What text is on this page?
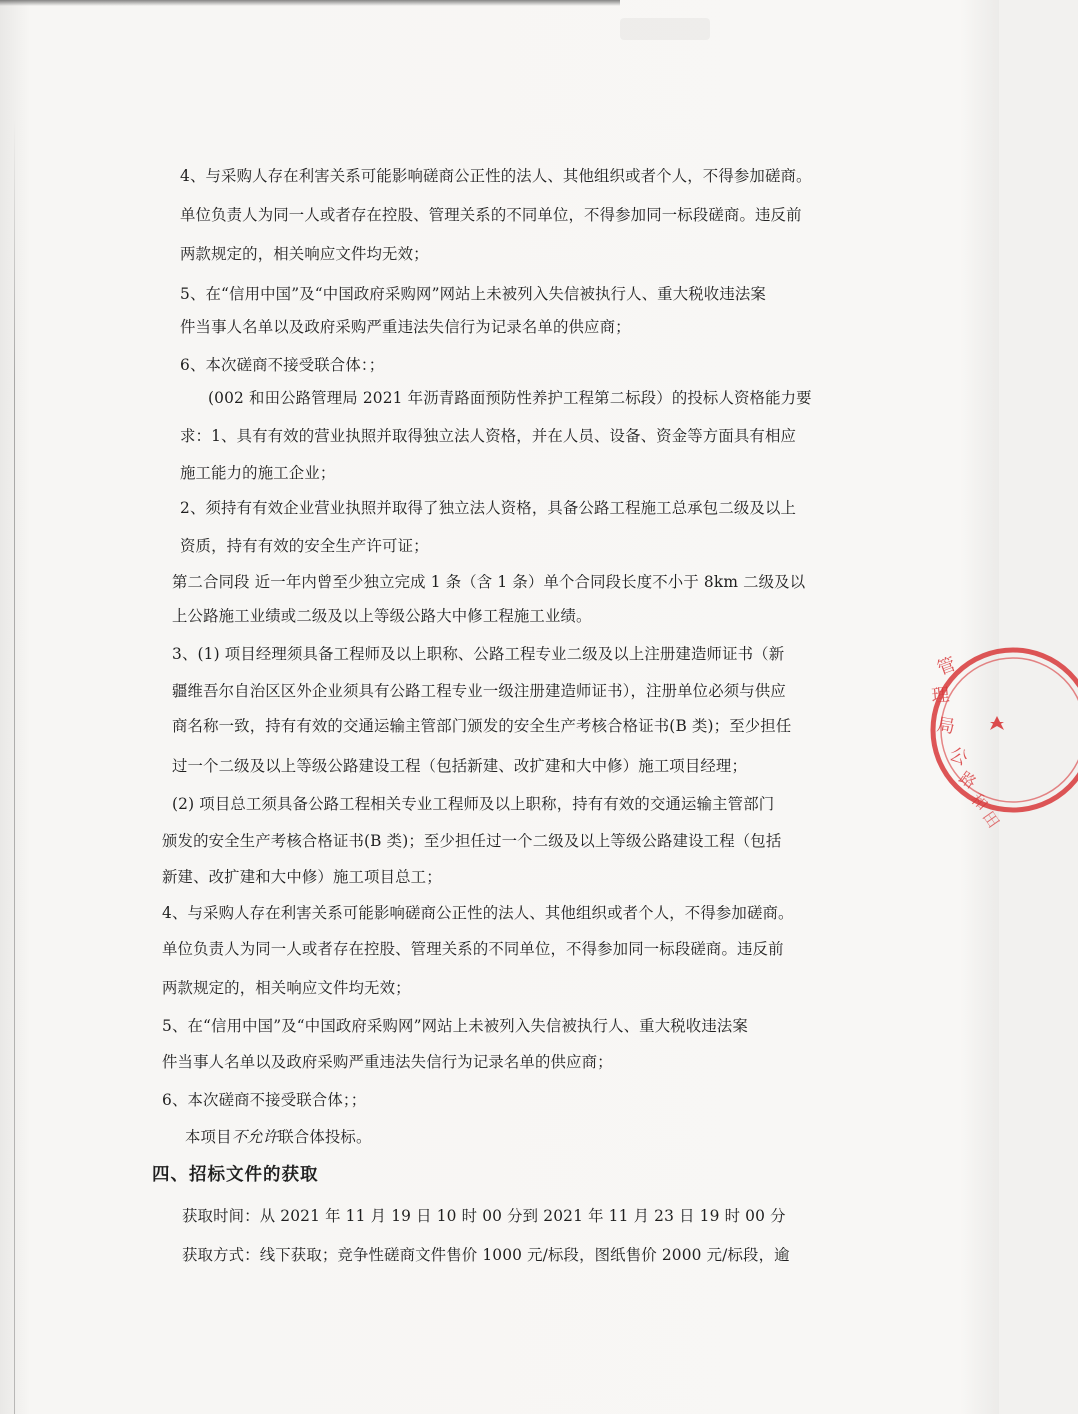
4、与采购人存在利害关系可能影响磋商公正性的法人、其他组织或者个人，不得参加磋商。
单位负责人为同一人或者存在控股、管理关系的不同单位，不得参加同一标段磋商。违反前
两款规定的，相关响应文件均无效；
5、在“信用中国”及“中国政府采购网”网站上未被列入失信被执行人、重大税收违法案
件当事人名单以及政府采购严重违法失信行为记录名单的供应商；
6、本次磋商不接受联合体：；
(002 和田公路管理局 2021 年沥青路面预防性养护工程第二标段）的投标人资格能力要
求：1、具有有效的营业执照并取得独立法人资格，并在人员、设备、资金等方面具有相应
施工能力的施工企业；
2、须持有有效企业营业执照并取得了独立法人资格，具备公路工程施工总承包二级及以上
资质，持有有效的安全生产许可证；
第二合同段 近一年内曾至少独立完成 1 条（含 1 条）单个合同段长度不小于 8km 二级及以
上公路施工业绩或二级及以上等级公路大中修工程施工业绩。
3、(1) 项目经理须具备工程师及以上职称、公路工程专业二级及以上注册建造师证书（新
疆维吾尔自治区区外企业须具有公路工程专业一级注册建造师证书），注册单位必须与供应
商名称一致，持有有效的交通运输主管部门颁发的安全生产考核合格证书(B 类)；至少担任
过一个二级及以上等级公路建设工程（包括新建、改扩建和大中修）施工项目经理；
(2) 项目总工须具备公路工程相关专业工程师及以上职称，持有有效的交通运输主管部门
颁发的安全生产考核合格证书(B 类)；至少担任过一个二级及以上等级公路建设工程（包括
新建、改扩建和大中修）施工项目总工；
4、与采购人存在利害关系可能影响磋商公正性的法人、其他组织或者个人，不得参加磋商。
单位负责人为同一人或者存在控股、管理关系的不同单位，不得参加同一标段磋商。违反前
两款规定的，相关响应文件均无效；
5、在“信用中国”及“中国政府采购网”网站上未被列入失信被执行人、重大税收违法案
件当事人名单以及政府采购严重违法失信行为记录名单的供应商；
6、本次磋商不接受联合体；；
本项目不允许联合体投标。
四、招标文件的获取
获取时间：从 2021 年 11 月 19 日 10 时 00 分到 2021 年 11 月 23 日 19 时 00 分
获取方式：线下获取；竞争性磋商文件售价 1000 元/标段，图纸售价 2000 元/标段，逾
管
理
局
公
路
和
田
